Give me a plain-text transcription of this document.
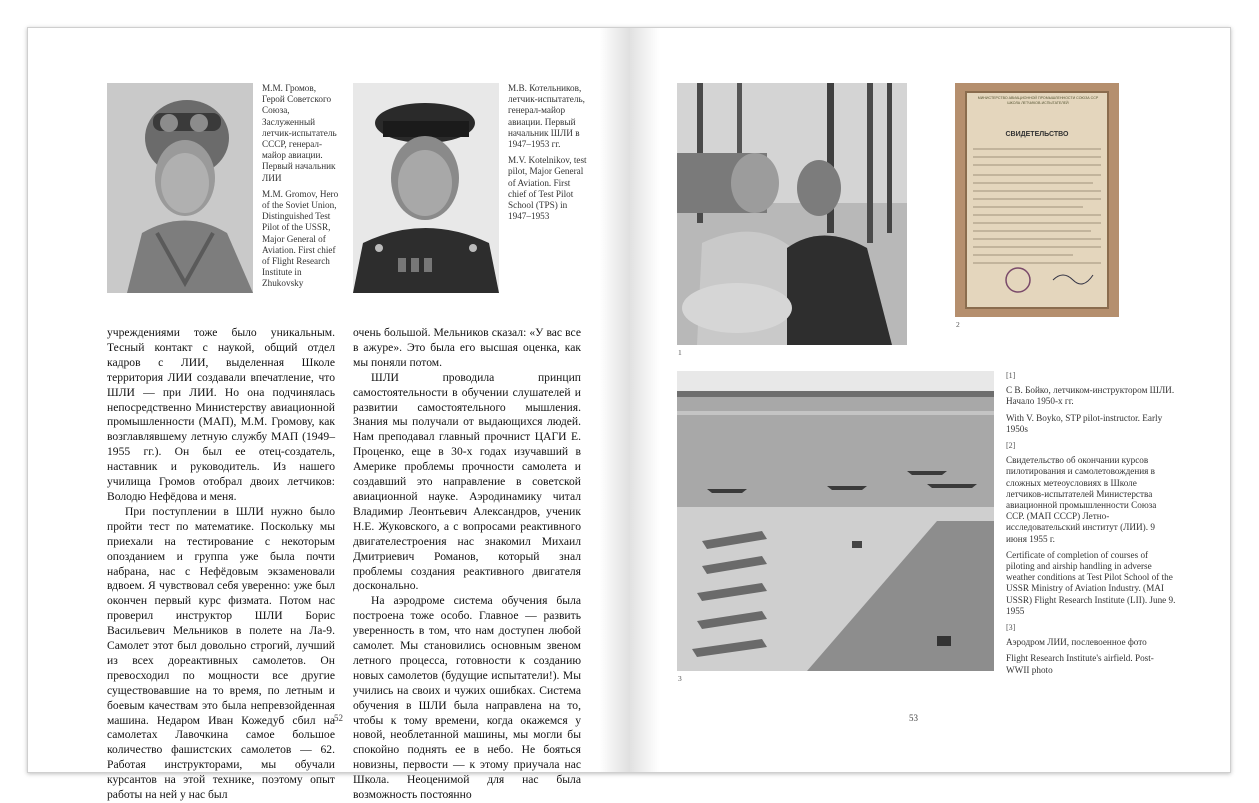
М.М. Громов, Герой Советского Союза, Заслуженный летчик-испытатель СССР, генерал-майор авиации. Первый начальник ЛИИ

M.M. Gromov, Hero of the Soviet Union, Distinguished Test Pilot of the USSR, Major General of Aviation. First chief of Flight Research Institute in Zhukovsky

М.В. Котельников, летчик-испытатель, генерал-майор авиации. Первый начальник ШЛИ в 1947–1953 гг.

M.V. Kotelnikov, test pilot, Major General of Aviation. First chief of Test Pilot School (TPS) in 1947–1953

учреждениями тоже было уникальным. Тесный контакт с наукой, общий отдел кадров с ЛИИ, выделенная Школе территория ЛИИ создавали впечатление, что ШЛИ — при ЛИИ. Но она подчинялась непосредственно Министерству авиационной промышленности (МАП), М.М. Громову, как возглавлявшему летную службу МАП (1949–1955 гг.). Он был ее отец-создатель, наставник и руководитель. Из нашего училища Громов отобрал двоих летчиков: Володю Нефёдова и меня.

При поступлении в ШЛИ нужно было пройти тест по математике. Поскольку мы приехали на тестирование с некоторым опозданием и группа уже была почти набрана, нас с Нефёдовым экзаменовали вдвоем. Я чувствовал себя уверенно: уже был окончен первый курс физмата. Потом нас проверил инструктор ШЛИ Борис Васильевич Мельников в полете на Ла-9. Самолет этот был довольно строгий, лучший из всех дореактивных самолетов. Он превосходил по мощности все другие существовавшие на то время, по летным и боевым качествам это была непревзойденная машина. Недаром Иван Кожедуб сбил на самолетах Лавочкина самое большое количество фашистских самолетов — 62. Работая инструкторами, мы обучали курсантов на этой технике, поэтому опыт работы на ней у нас был

очень большой. Мельников сказал: «У вас все в ажуре». Это была его высшая оценка, как мы поняли потом.

ШЛИ проводила принцип самостоятельности в обучении слушателей и развитии самостоятельного мышления. Знания мы получали от выдающихся людей. Нам преподавал главный прочнист ЦАГИ Е. Проценко, еще в 30-х годах изучавший в Америке проблемы прочности самолета и создавший это направление в советской авиационной науке. Аэродинамику читал Владимир Леонтьевич Александров, ученик Н.Е. Жуковского, а с вопросами реактивного двигателестроения нас знакомил Михаил Дмитриевич Романов, который знал проблемы создания реактивного двигателя досконально.

На аэродроме система обучения была построена тоже особо. Главное — развить уверенность в том, что нам доступен любой самолет. Мы становились основным звеном летного процесса, готовности к созданию новых самолетов (будущие испытатели!). Мы учились на своих и чужих ошибках. Система обучения в ШЛИ была направлена на то, чтобы к тому времени, когда окажемся у новой, необлетанной машины, мы могли бы спокойно поднять ее в небо. Не бояться новизны, первости — к этому приучала нас Школа. Неоценимой для нас была возможность постоянно

52
1
МИНИСТЕРСТВО АВИАЦИОННОЙ ПРОМЫШЛЕННОСТИ СОЮЗА ССР
ШКОЛА ЛЕТЧИКОВ-ИСПЫТАТЕЛЕЙ
СВИДЕТЕЛЬСТВО
2
3
[1]

С В. Бойко, летчиком-инструктором ШЛИ. Начало 1950-х гг.

With V. Boyko, STP pilot-instructor. Early 1950s

[2]

Свидетельство об окончании курсов пилотирования и самолетовождения в сложных метеоусловиях в Школе летчиков-испытателей Министерства авиационной промышленности Союза ССР. (МАП СССР) Летно-исследовательский институт (ЛИИ). 9 июня 1955 г.

Certificate of completion of courses of piloting and airship handling in adverse weather conditions at Test Pilot School of the USSR Ministry of Aviation Industry. (MAI USSR) Flight Research Institute (LII). June 9. 1955

[3]

Аэродром ЛИИ, послевоенное фото

Flight Research Institute's airfield. Post-WWII photo

53
